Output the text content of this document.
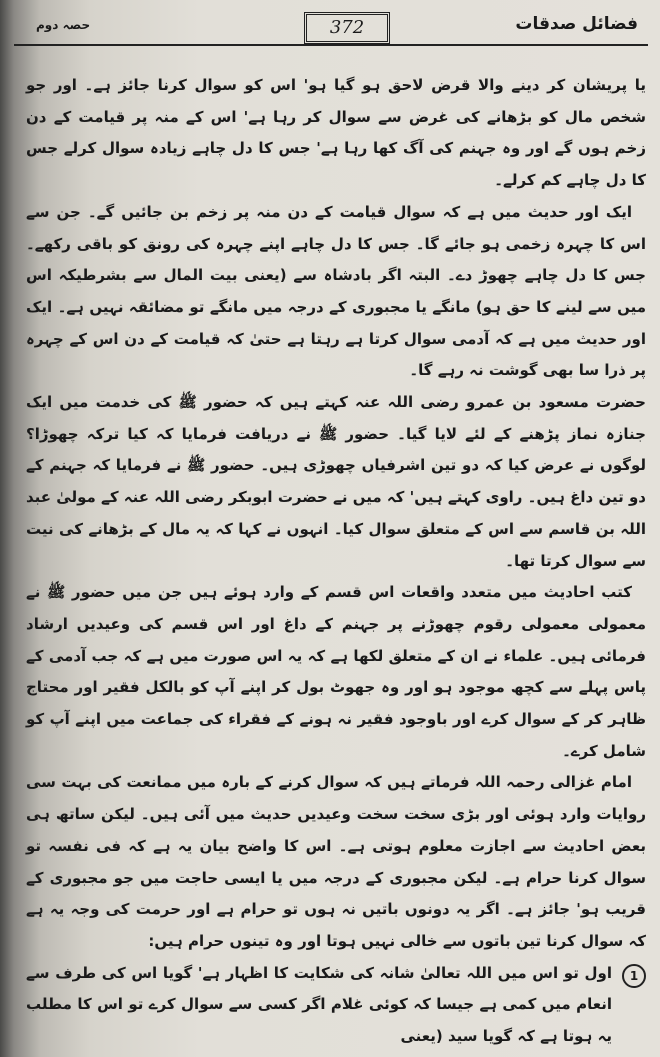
فضائل صدقات
372
حصہ دوم

یا پریشان کر دینے والا قرض لاحق ہو گیا ہو' اس کو سوال کرنا جائز ہے۔ اور جو شخص مال کو بڑھانے کی غرض سے سوال کر رہا ہے' اس کے منہ پر قیامت کے دن زخم ہوں گے اور وہ جہنم کی آگ کھا رہا ہے' جس کا دل چاہے زیادہ سوال کرلے جس کا دل چاہے کم کرلے۔

ایک اور حدیث میں ہے کہ سوال قیامت کے دن منہ پر زخم بن جائیں گے۔ جن سے اس کا چہرہ زخمی ہو جائے گا۔ جس کا دل چاہے اپنے چہرہ کی رونق کو باقی رکھے۔ جس کا دل چاہے چھوڑ دے۔ البتہ اگر بادشاہ سے (یعنی بیت المال سے بشرطیکہ اس میں سے لینے کا حق ہو) مانگے یا مجبوری کے درجہ میں مانگے تو مضائقہ نہیں ہے۔ ایک اور حدیث میں ہے کہ آدمی سوال کرتا ہے رہتا ہے حتیٰ کہ قیامت کے دن اس کے چہرہ پر ذرا سا بھی گوشت نہ رہے گا۔

حضرت مسعود بن عمرو رضی اللہ عنہ کہتے ہیں کہ حضور ﷺ کی خدمت میں ایک جنازہ نماز پڑھنے کے لئے لایا گیا۔ حضور ﷺ نے دریافت فرمایا کہ کیا ترکہ چھوڑا؟ لوگوں نے عرض کیا کہ دو تین اشرفیاں چھوڑی ہیں۔ حضور ﷺ نے فرمایا کہ جہنم کے دو تین داغ ہیں۔ راوی کہتے ہیں' کہ میں نے حضرت ابوبکر رضی اللہ عنہ کے مولیٰ عبد اللہ بن قاسم سے اس کے متعلق سوال کیا۔ انہوں نے کہا کہ یہ مال کے بڑھانے کی نیت سے سوال کرتا تھا۔

کتب احادیث میں متعدد واقعات اس قسم کے وارد ہوئے ہیں جن میں حضور ﷺ نے معمولی معمولی رقوم چھوڑنے پر جہنم کے داغ اور اس قسم کی وعیدیں ارشاد فرمائی ہیں۔ علماء نے ان کے متعلق لکھا ہے کہ یہ اس صورت میں ہے کہ جب آدمی کے پاس پہلے سے کچھ موجود ہو اور وہ جھوٹ بول کر اپنے آپ کو بالکل فقیر اور محتاج ظاہر کر کے سوال کرے اور باوجود فقیر نہ ہونے کے فقراء کی جماعت میں اپنے آپ کو شامل کرے۔

امام غزالی رحمہ اللہ فرماتے ہیں کہ سوال کرنے کے بارہ میں ممانعت کی بہت سی روایات وارد ہوئی اور بڑی سخت سخت وعیدیں حدیث میں آئی ہیں۔ لیکن ساتھ ہی بعض احادیث سے اجازت معلوم ہوتی ہے۔ اس کا واضح بیان یہ ہے کہ فی نفسہ تو سوال کرنا حرام ہے۔ لیکن مجبوری کے درجہ میں یا ایسی حاجت میں جو مجبوری کے قریب ہو' جائز ہے۔ اگر یہ دونوں باتیں نہ ہوں تو حرام ہے اور حرمت کی وجہ یہ ہے کہ سوال کرنا تین باتوں سے خالی نہیں ہوتا اور وہ تینوں حرام ہیں:

1
اول تو اس میں اللہ تعالیٰ شانہ کی شکایت کا اظہار ہے' گویا اس کی طرف سے انعام میں کمی ہے جیسا کہ کوئی غلام اگر کسی سے سوال کرے تو اس کا مطلب یہ ہوتا ہے کہ گویا سید (یعنی
